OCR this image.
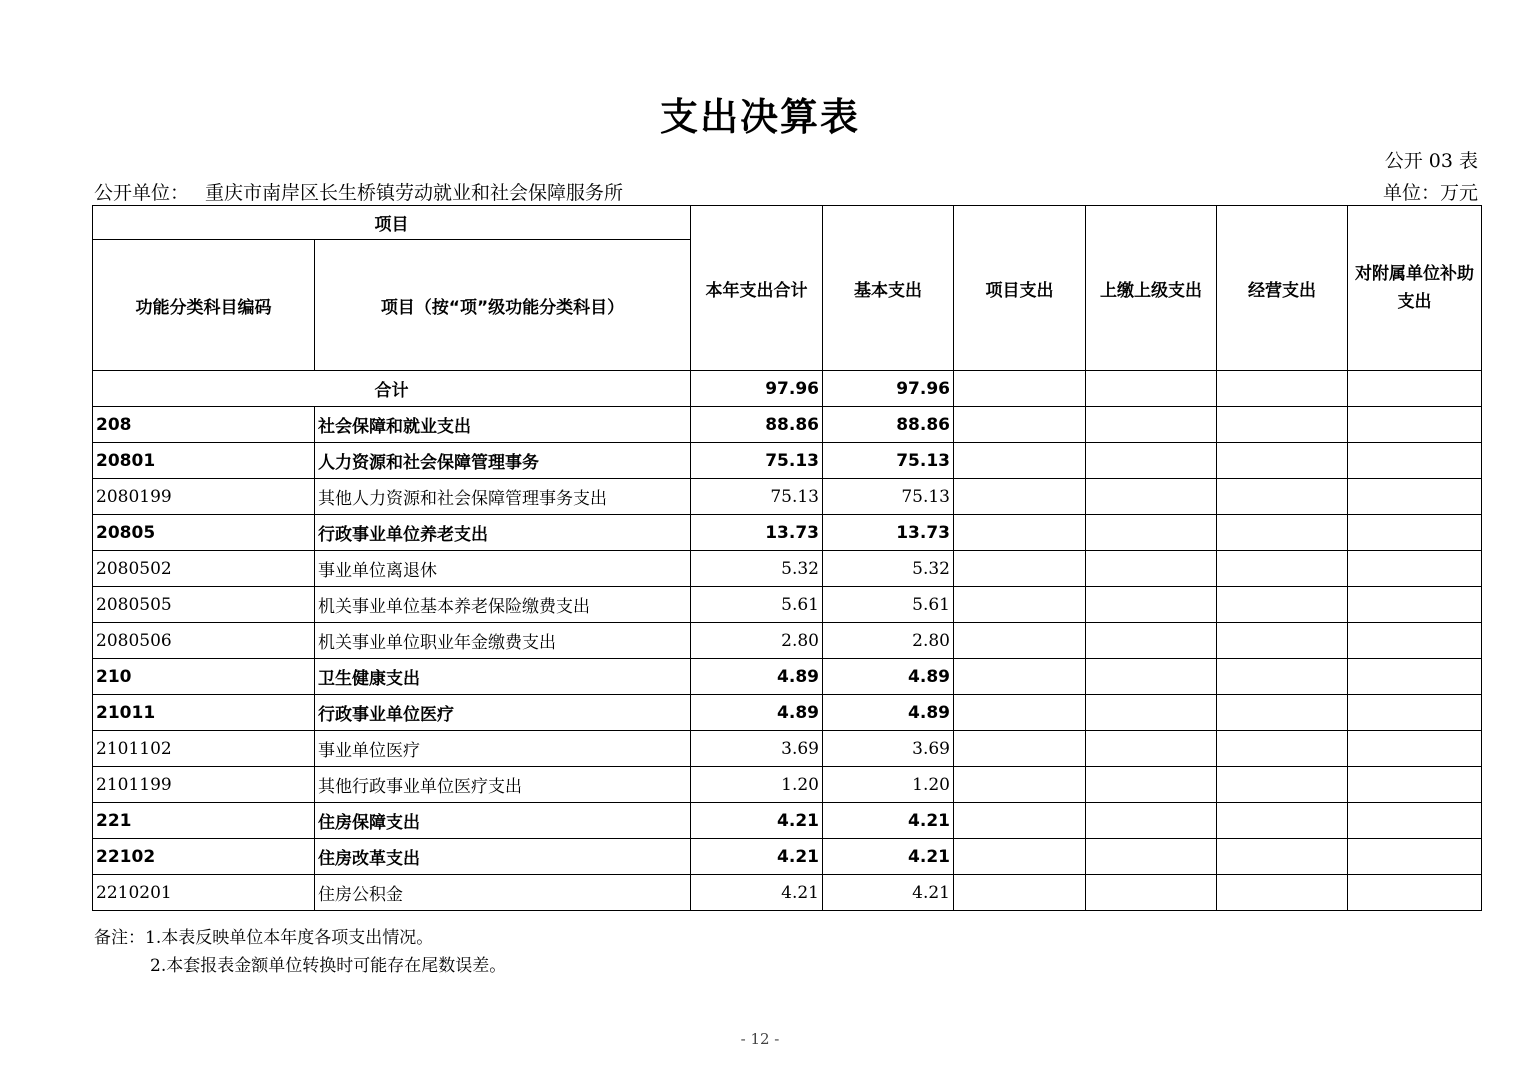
支出决算表
公开 03 表
公开单位： 重庆市南岸区长生桥镇劳动就业和社会保障服务所	单位：万元
项目		本年支出合计	基本支出	项目支出	上缴上级支出	经营支出	对附属单位补助支出
功能分类科目编码	项目（按“项”级功能分类科目）						
合计		97.96	97.96				
208	社会保障和就业支出	88.86	88.86				
20801	人力资源和社会保障管理事务	75.13	75.13				
2080199	其他人力资源和社会保障管理事务支出	75.13	75.13				
20805	行政事业单位养老支出	13.73	13.73				
2080502	事业单位离退休	5.32	5.32				
2080505	机关事业单位基本养老保险缴费支出	5.61	5.61				
2080506	机关事业单位职业年金缴费支出	2.80	2.80				
210	卫生健康支出	4.89	4.89				
21011	行政事业单位医疗	4.89	4.89				
2101102	事业单位医疗	3.69	3.69				
2101199	其他行政事业单位医疗支出	1.20	1.20				
221	住房保障支出	4.21	4.21				
22102	住房改革支出	4.21	4.21				
2210201	住房公积金	4.21	4.21				
备注：1.本表反映单位本年度各项支出情况。
2.本套报表金额单位转换时可能存在尾数误差。
- 12 -
